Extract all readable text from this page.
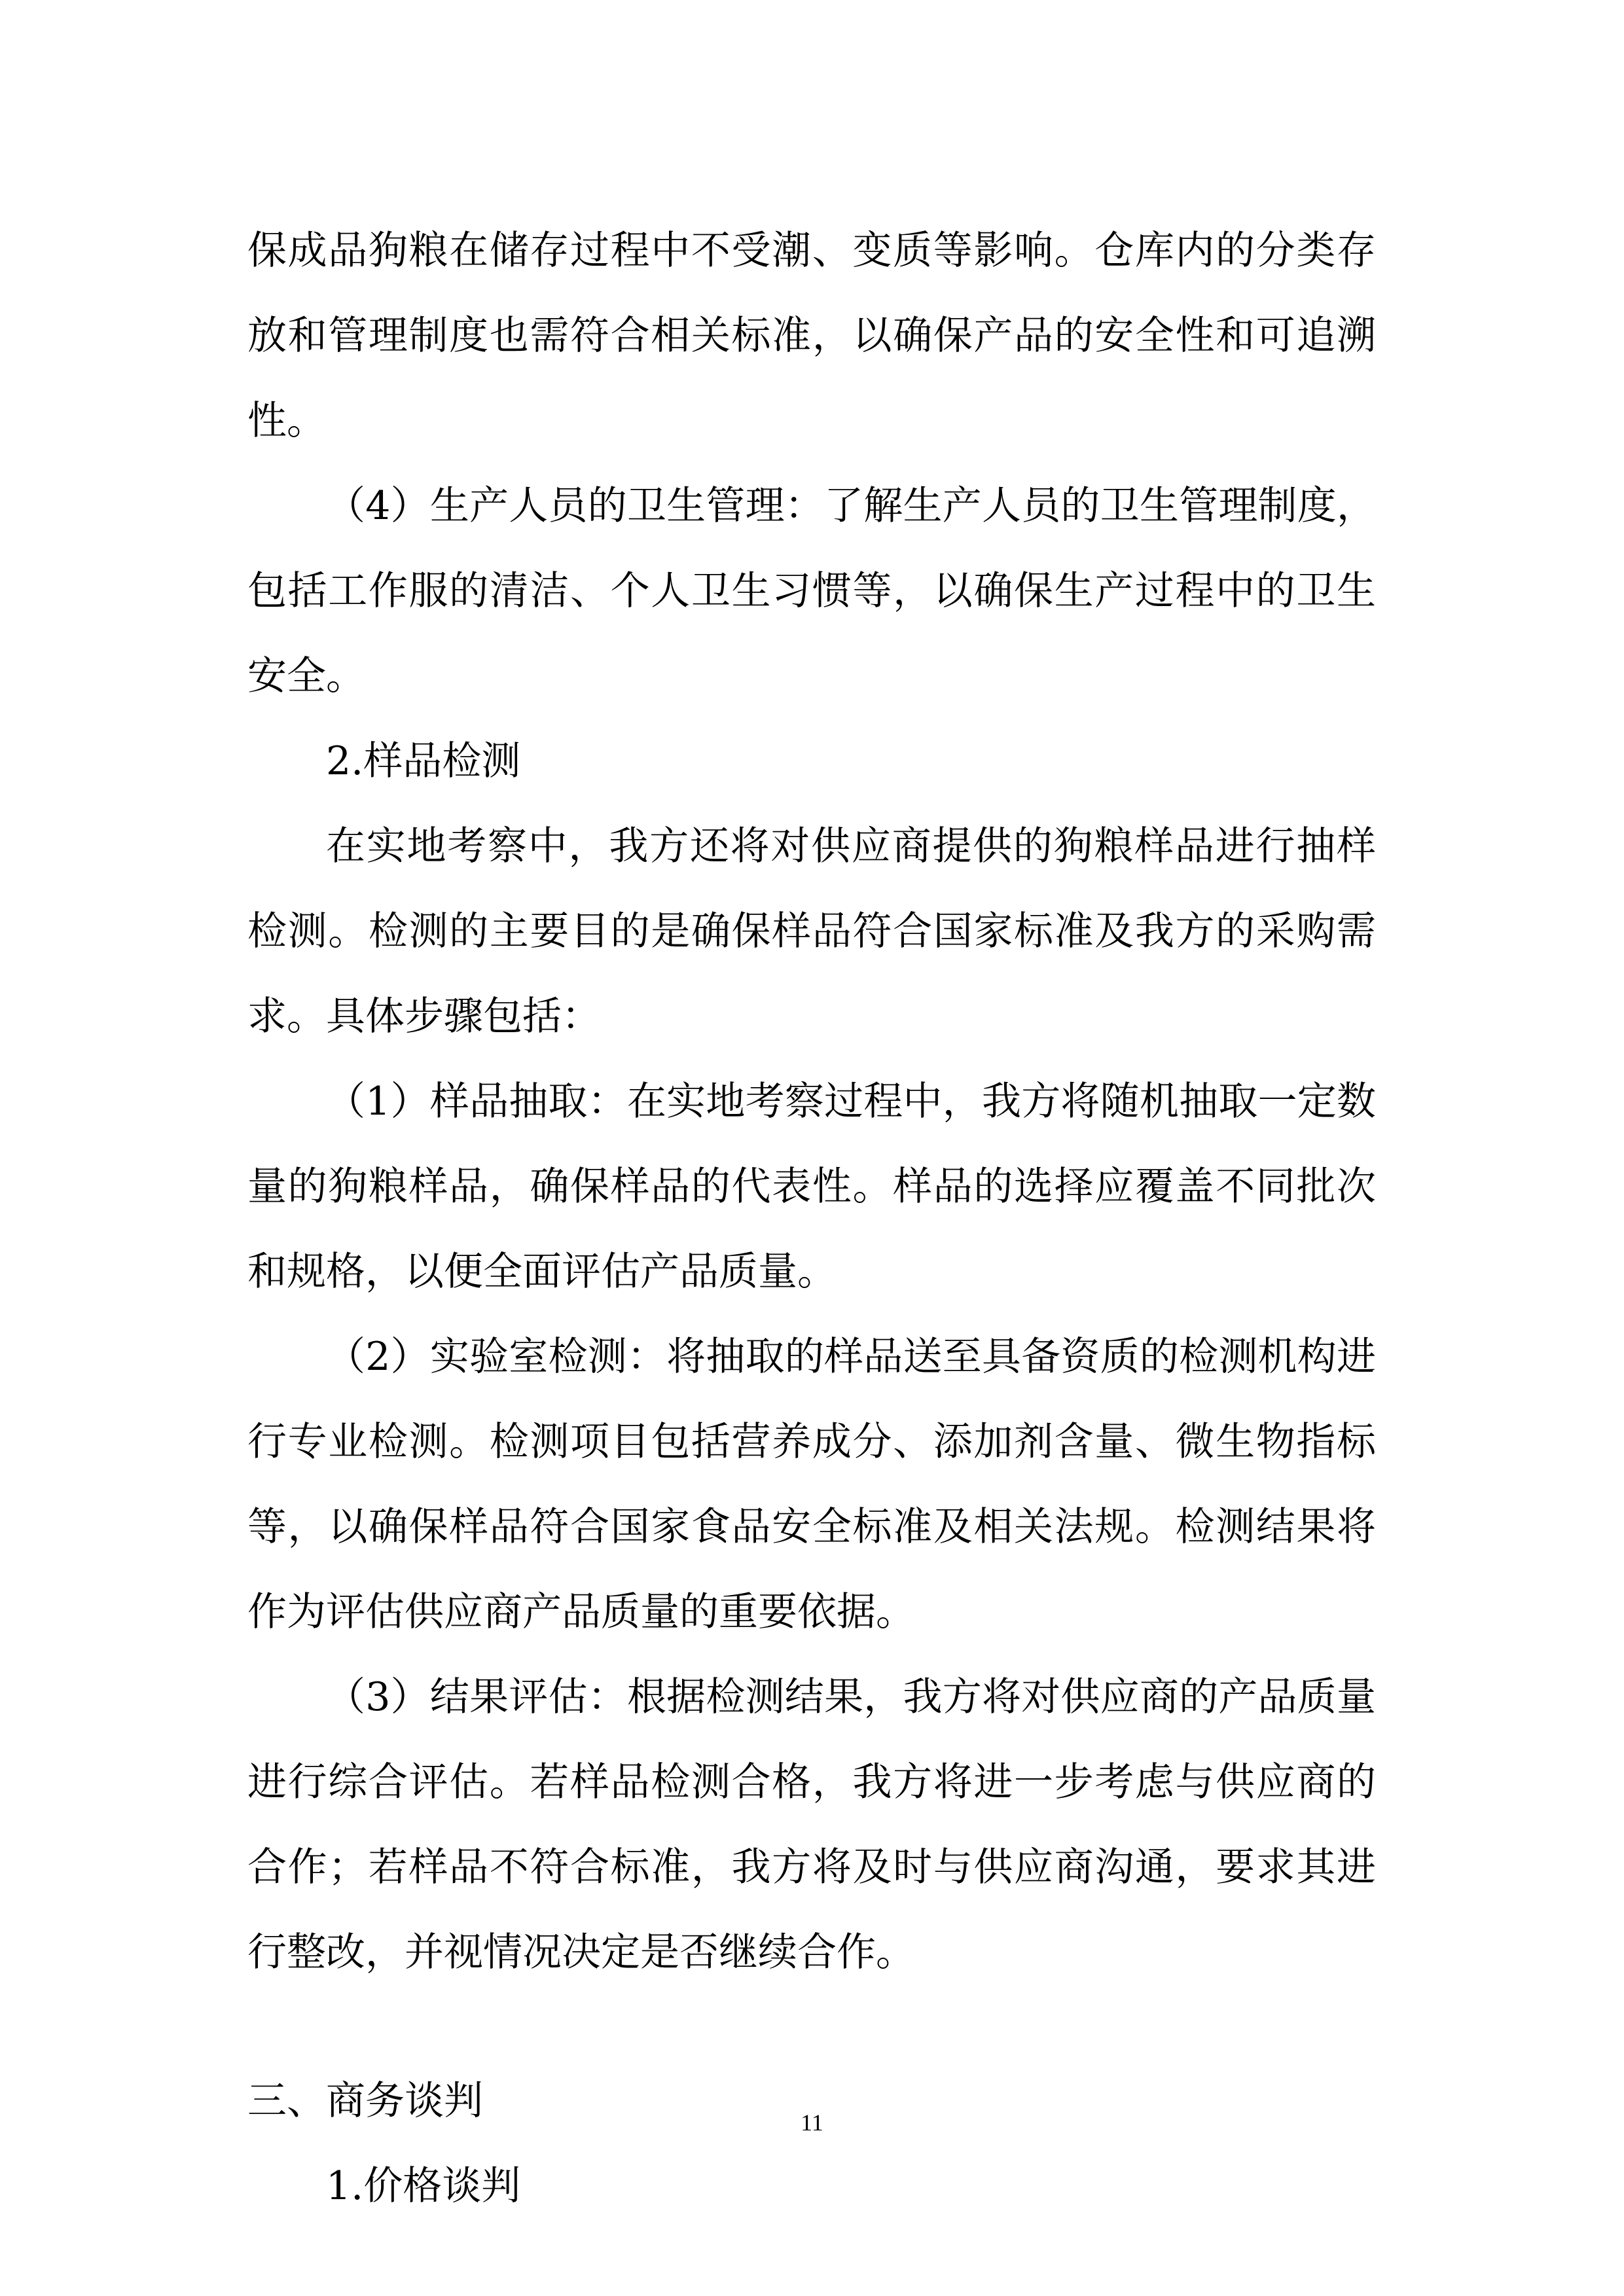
保成品狗粮在储存过程中不受潮、变质等影响。仓库内的分类存放和管理制度也需符合相关标准，以确保产品的安全性和可追溯性。

（4）生产人员的卫生管理：了解生产人员的卫生管理制度，包括工作服的清洁、个人卫生习惯等，以确保生产过程中的卫生安全。

2.样品检测

在实地考察中，我方还将对供应商提供的狗粮样品进行抽样检测。检测的主要目的是确保样品符合国家标准及我方的采购需求。具体步骤包括：

（1）样品抽取：在实地考察过程中，我方将随机抽取一定数量的狗粮样品，确保样品的代表性。样品的选择应覆盖不同批次和规格，以便全面评估产品质量。

（2）实验室检测：将抽取的样品送至具备资质的检测机构进行专业检测。检测项目包括营养成分、添加剂含量、微生物指标等，以确保样品符合国家食品安全标准及相关法规。检测结果将作为评估供应商产品质量的重要依据。

（3）结果评估：根据检测结果，我方将对供应商的产品质量进行综合评估。若样品检测合格，我方将进一步考虑与供应商的合作；若样品不符合标准，我方将及时与供应商沟通，要求其进行整改，并视情况决定是否继续合作。

三、商务谈判

1.价格谈判

11
